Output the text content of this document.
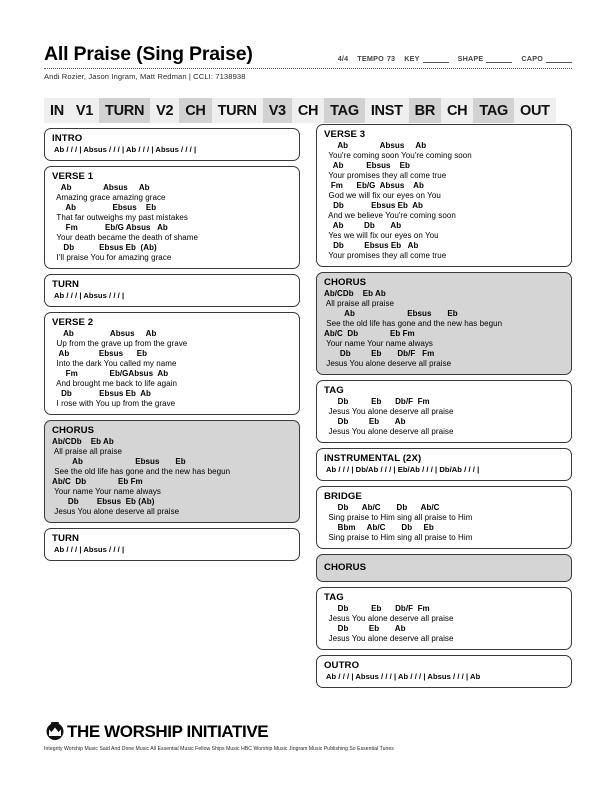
All Praise (Sing Praise)	4/4 TEMPO 73 KEY	SHAPE	CAPO
Andi Rozier, Jason Ingram, Matt Redman | CCLI: 7138938
IN V1 TURN V2 CH TURN V3 CH TAG INST BR CH TAG OUT
INTRO
Ab / / / | Absus / / / | Ab / / / | Absus / / / |
VERSE 1
Ab              Absus     Ab
Amazing grace amazing grace
Ab                Ebsus    Eb
That far outweighs my past mistakes
Fm            Eb/G Absus   Ab
Your death became the death of shame
Db           Ebsus Eb  (Ab)
I'll praise You for amazing grace
TURN
Ab / / / | Absus / / / |
VERSE 2
Ab                Absus     Ab
Up from the grave up from the grave
Ab             Ebsus      Eb
Into the dark You called my name
Fm              Eb/GAbsus  Ab
And brought me back to life again
Db            Ebsus Eb  Ab
I rose with You up from the grave
CHORUS
Ab/CDb    Eb Ab
All praise all praise
Ab                       Ebsus       Eb
See the old life has gone and the new has begun
Ab/C  Db              Eb Fm
Your name Your name always
Db        Ebsus  Eb (Ab)
Jesus You alone deserve all praise
TURN
Ab / / / | Absus / / / |
VERSE 3
Ab              Absus     Ab
You're coming soon You're coming soon
Ab          Ebsus    Eb
Your promises they all come true
Fm      Eb/G  Absus    Ab
God we will fix our eyes on You
Db            Ebsus Eb  Ab
And we believe You're coming soon
Ab         Db       Ab
Yes we will fix our eyes on You
Db         Ebsus Eb   Ab
Your promises they all come true
CHORUS
Ab/CDb    Eb Ab
All praise all praise
Ab                       Ebsus       Eb
See the old life has gone and the new has begun
Ab/C  Db              Eb Fm
Your name Your name always
Db         Eb       Db/F   Fm
Jesus You alone deserve all praise
TAG
Db          Eb      Db/F  Fm
Jesus You alone deserve all praise
Db         Eb       Ab
Jesus You alone deserve all praise
INSTRUMENTAL (2X)
Ab / / / | Db/Ab / / / | Eb/Ab / / / | Db/Ab / / / |
BRIDGE
Db      Ab/C       Db      Ab/C
Sing praise to Him sing all praise to Him
Bbm     Ab/C       Db     Eb
Sing praise to Him sing all praise to Him
CHORUS
TAG
Db          Eb      Db/F  Fm
Jesus You alone deserve all praise
Db         Eb       Ab
Jesus You alone deserve all praise
OUTRO
Ab / / / | Absus / / / | Ab / / / | Absus / / / | Ab
THE WORSHIP INITIATIVE
Integrity Worship Music Said And Done Music All Essential Music Fellow Ships Music HBC Worship Music Jingram Music Publishing So Essential Tunes
